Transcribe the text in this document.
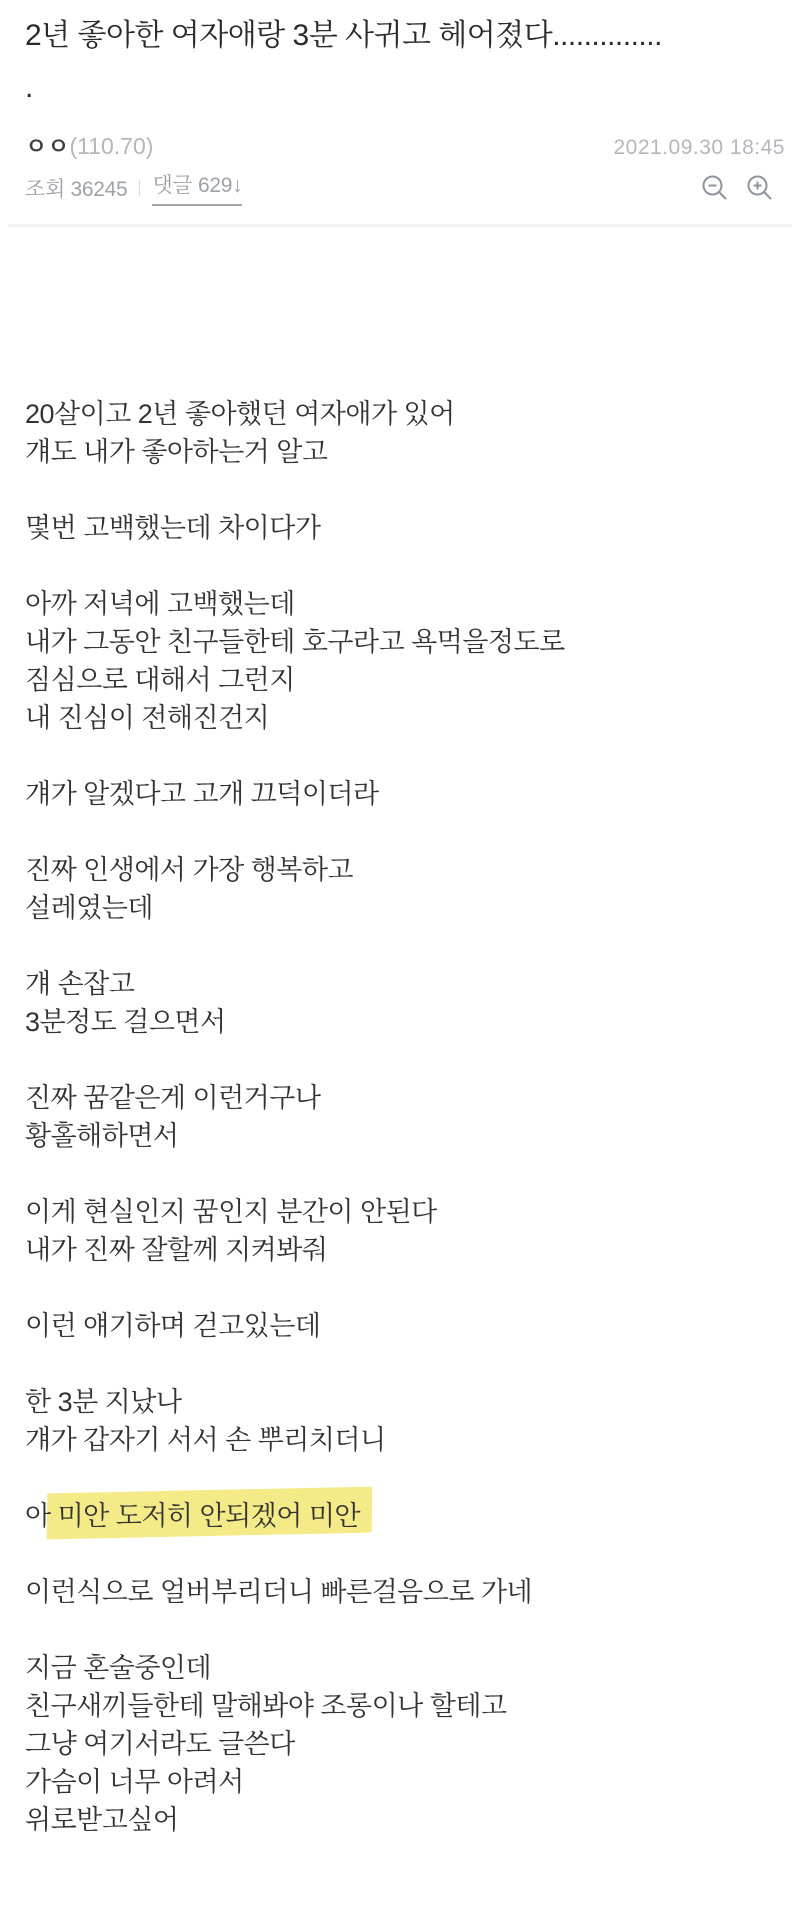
2년 좋아한 여자애랑 3분 사귀고 헤어졌다..............
.
ㅇㅇ(110.70)	2021.09.30 18:45
조회 36245 댓글 629↓

20살이고 2년 좋아했던 여자애가 있어
걔도 내가 좋아하는거 알고

몇번 고백했는데 차이다가

아까 저녁에 고백했는데
내가 그동안 친구들한테 호구라고 욕먹을정도로
짐심으로 대해서 그런지
내 진심이 전해진건지

걔가 알겠다고 고개 끄덕이더라

진짜 인생에서 가장 행복하고
설레였는데

걔 손잡고
3분정도 걸으면서

진짜 꿈같은게 이런거구나
황홀해하면서

이게 현실인지 꿈인지 분간이 안된다
내가 진짜 잘할께 지켜봐줘

이런 얘기하며 걷고있는데

한 3분 지났나
걔가 갑자기 서서 손 뿌리치더니

아 미안 도저히 안되겠어 미안

이런식으로 얼버부리더니 빠른걸음으로 가네

지금 혼술중인데
친구새끼들한테 말해봐야 조롱이나 할테고
그냥 여기서라도 글쓴다
가슴이 너무 아려서
위로받고싶어
